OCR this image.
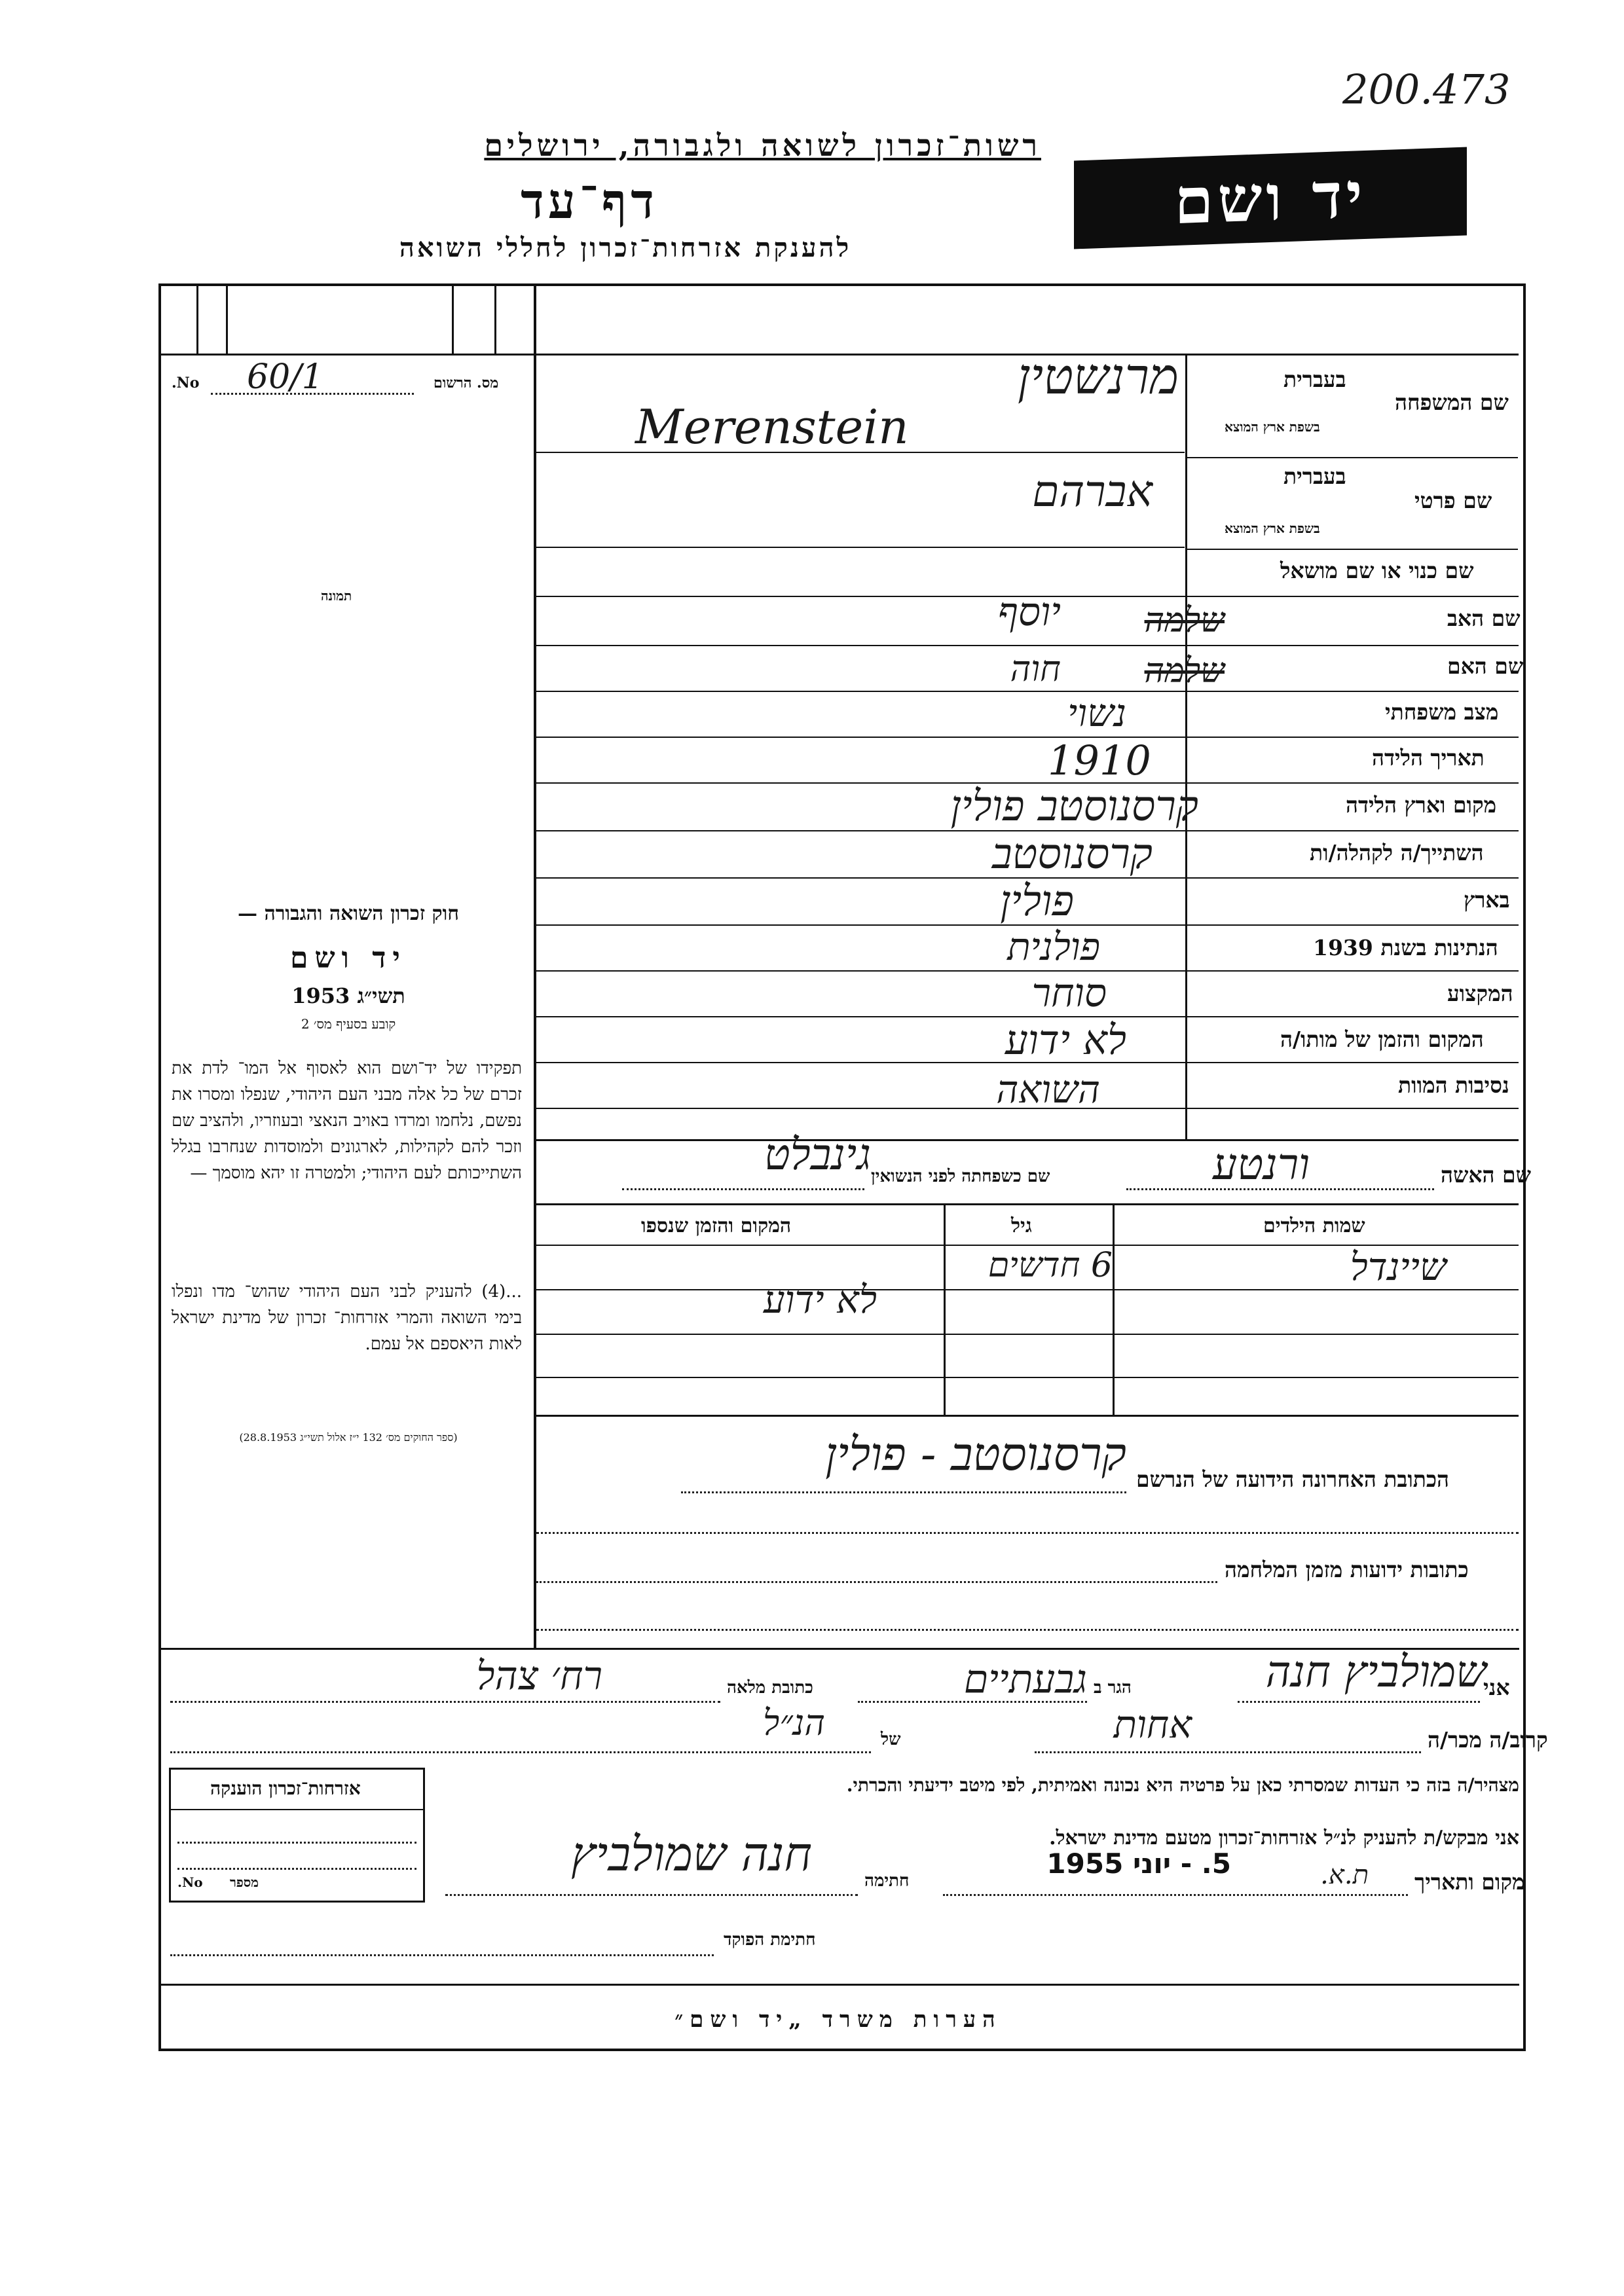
200.473
רשות־זכרון לשואה ולגבורה, ירושלים
דף־עד
להענקת אזרחות־זכרון לחללי השואה
יד ושם
No. 60/1	מס. הרשום
תמונה
חוק זכרון השואה והגבורה —
יד ושם
תשי״ג 1953
קובע בסעיף מס׳ 2
תפקידו של יד־ושם הוא לאסוף אל המו־ לדת את זכרם של כל אלה מבני העם היהודי, שנפלו ומסרו את נפשם, נלחמו ומרדו באויב הנאצי ובעוזריו, ולהציב שם וזכר להם לקהילות, לארגונים ולמוסדות שנחרבו בגלל השתייכותם לעם היהודי; ולמטרה זו יהא מוסמך —
...(4) להעניק לבני העם היהודי שהוש־ מדו ונפלו בימי השואה והמרי אזרחות־ זכרון של מדינת ישראל לאות היאספם אל עמם.
(ספר החוקים מס׳ 132 י״ז אלול תשי״ג 28.8.1953)
שם המשפחה
בעברית
בשפת ארץ המוצא
מרנשטין
Merenstein
שם פרטי
בעברית
בשפת ארץ המוצא
אברהם
שם כנוי או שם מושאל
שם האב
שלמה
יוסף
שם האם
שלמה
חוה
מצב משפחתי
נשוי
תאריך הלידה
1910
מקום וארץ הלידה
קרסנוסטב פולין
השתייך/ה לקהלה/ות
קרסנוסטב
בארץ
פולין
הנתינות בשנת 1939
פולנית
המקצוע
סוחר
המקום והזמן של מותו/ה
לא ידוע
נסיבות המוות
השואה
שם האשה
ורנטע
שם כשפחתה לפני הנשואין
גינבלט
שמות הילדים
גיל
המקום והזמן שנספו
שיינדל
6 חדשים
לא ידוע
הכתובת האחרונה הידועה של הנרשם
קרסנוסטב - פולין
כתובות ידועות מזמן המלחמה
אני
שמולביץ חנה
הגר ב
גבעתיים
כתובת מלאה
רח׳ צהל
קרוב/ה מכר/ה
אחות
של
הנ״ל
מצהיר/ה בזה כי העדות שמסרתי כאן על פרטיה היא נכונה ואמיתית, לפי מיטב ידיעתי והכרתי.
אני מבקש/ת להעניק לנ״ל אזרחות־זכרון מטעם מדינת ישראל.
מקום ותאריך
ת.א.
5. - יוני 1955
חתימה
חנה שמולביץ
חתימת הפוקד
אזרחות־זכרון הוענקה
No. מספר
הערות משרד „יד ושם״
